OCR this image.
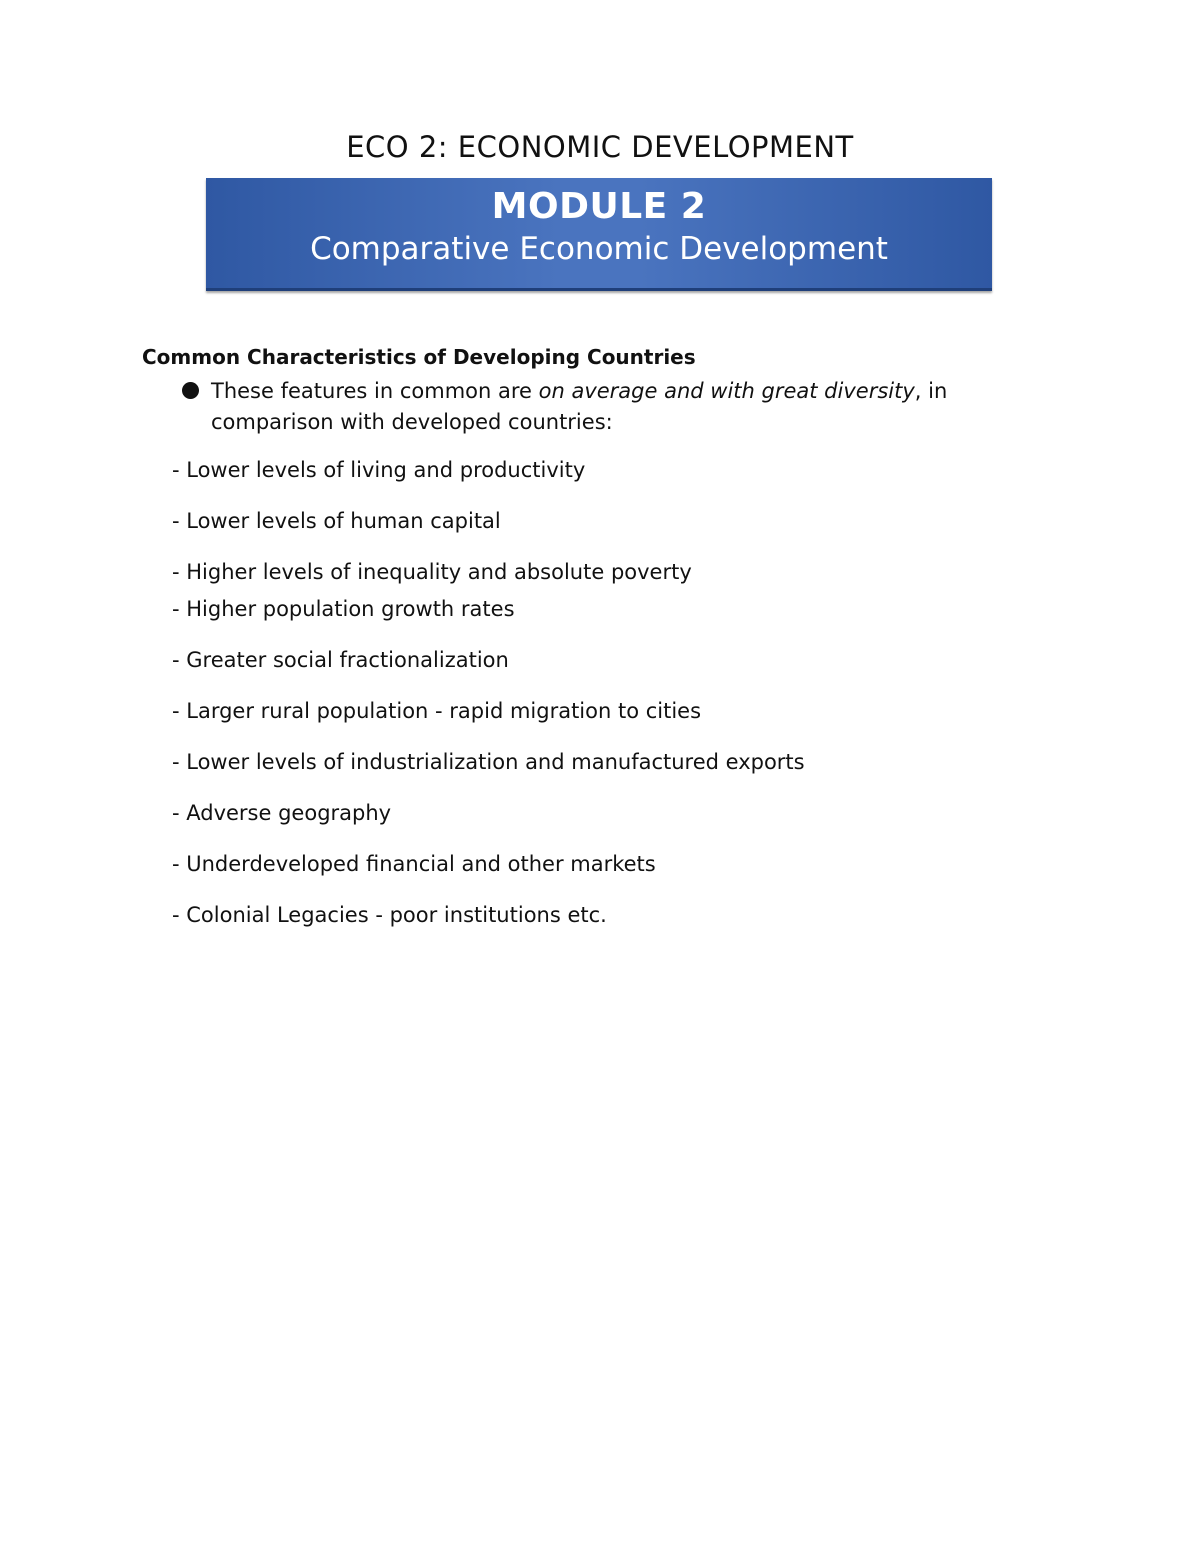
ECO 2: ECONOMIC DEVELOPMENT
MODULE 2
Comparative Economic Development
Common Characteristics of Developing Countries
These features in common are on average and with great diversity, in
comparison with developed countries:
- Lower levels of living and productivity
- Lower levels of human capital
- Higher levels of inequality and absolute poverty
- Higher population growth rates
- Greater social fractionalization
- Larger rural population - rapid migration to cities
- Lower levels of industrialization and manufactured exports
- Adverse geography
- Underdeveloped financial and other markets
- Colonial Legacies - poor institutions etc.
